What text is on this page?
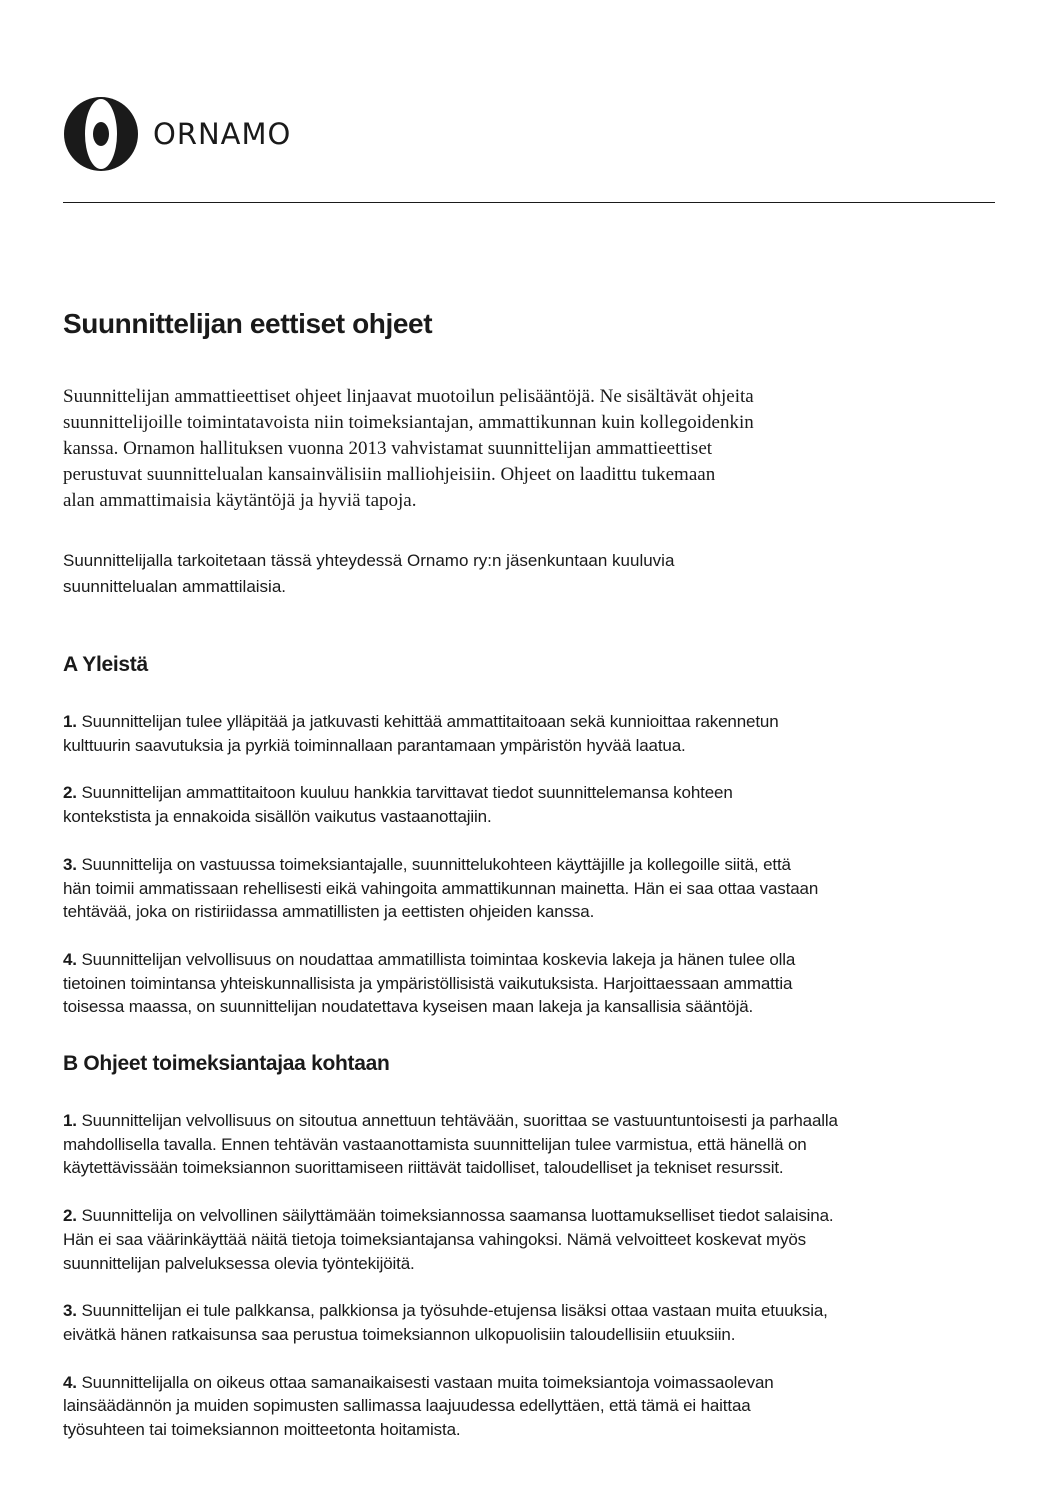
ORNAMO
Suunnittelijan eettiset ohjeet

Suunnittelijan ammattieettiset ohjeet linjaavat muotoilun pelisääntöjä. Ne sisältävät ohjeita
suunnittelijoille toimintatavoista niin toimeksiantajan, ammattikunnan kuin kollegoidenkin
kanssa. Ornamon hallituksen vuonna 2013 vahvistamat suunnittelijan ammattieettiset
perustuvat suunnittelualan kansainvälisiin malliohjeisiin. Ohjeet on laadittu tukemaan
alan ammattimaisia käytäntöjä ja hyviä tapoja.

Suunnittelijalla tarkoitetaan tässä yhteydessä Ornamo ry:n jäsenkuntaan kuuluvia
suunnittelualan ammattilaisia.

A Yleistä

1. Suunnittelijan tulee ylläpitää ja jatkuvasti kehittää ammattitaitoaan sekä kunnioittaa rakennetun
kulttuurin saavutuksia ja pyrkiä toiminnallaan parantamaan ympäristön hyvää laatua.

2. Suunnittelijan ammattitaitoon kuuluu hankkia tarvittavat tiedot suunnittelemansa kohteen
kontekstista ja ennakoida sisällön vaikutus vastaanottajiin.

3. Suunnittelija on vastuussa toimeksiantajalle, suunnittelukohteen käyttäjille ja kollegoille siitä, että
hän toimii ammatissaan rehellisesti eikä vahingoita ammattikunnan mainetta. Hän ei saa ottaa vastaan
tehtävää, joka on ristiriidassa ammatillisten ja eettisten ohjeiden kanssa.

4. Suunnittelijan velvollisuus on noudattaa ammatillista toimintaa koskevia lakeja ja hänen tulee olla
tietoinen toimintansa yhteiskunnallisista ja ympäristöllisistä vaikutuksista. Harjoittaessaan ammattia
toisessa maassa, on suunnittelijan noudatettava kyseisen maan lakeja ja kansallisia sääntöjä.

B Ohjeet toimeksiantajaa kohtaan

1. Suunnittelijan velvollisuus on sitoutua annettuun tehtävään, suorittaa se vastuuntuntoisesti ja parhaalla
mahdollisella tavalla. Ennen tehtävän vastaanottamista suunnittelijan tulee varmistua, että hänellä on
käytettävissään toimeksiannon suorittamiseen riittävät taidolliset, taloudelliset ja tekniset resurssit.

2. Suunnittelija on velvollinen säilyttämään toimeksiannossa saamansa luottamukselliset tiedot salaisina.
Hän ei saa väärinkäyttää näitä tietoja toimeksiantajansa vahingoksi. Nämä velvoitteet koskevat myös
suunnittelijan palveluksessa olevia työntekijöitä.

3. Suunnittelijan ei tule palkkansa, palkkionsa ja työsuhde-etujensa lisäksi ottaa vastaan muita etuuksia,
eivätkä hänen ratkaisunsa saa perustua toimeksiannon ulkopuolisiin taloudellisiin etuuksiin.

4. Suunnittelijalla on oikeus ottaa samanaikaisesti vastaan muita toimeksiantoja voimassaolevan
lainsäädännön ja muiden sopimusten sallimassa laajuudessa edellyttäen, että tämä ei haittaa
työsuhteen tai toimeksiannon moitteetonta hoitamista.
